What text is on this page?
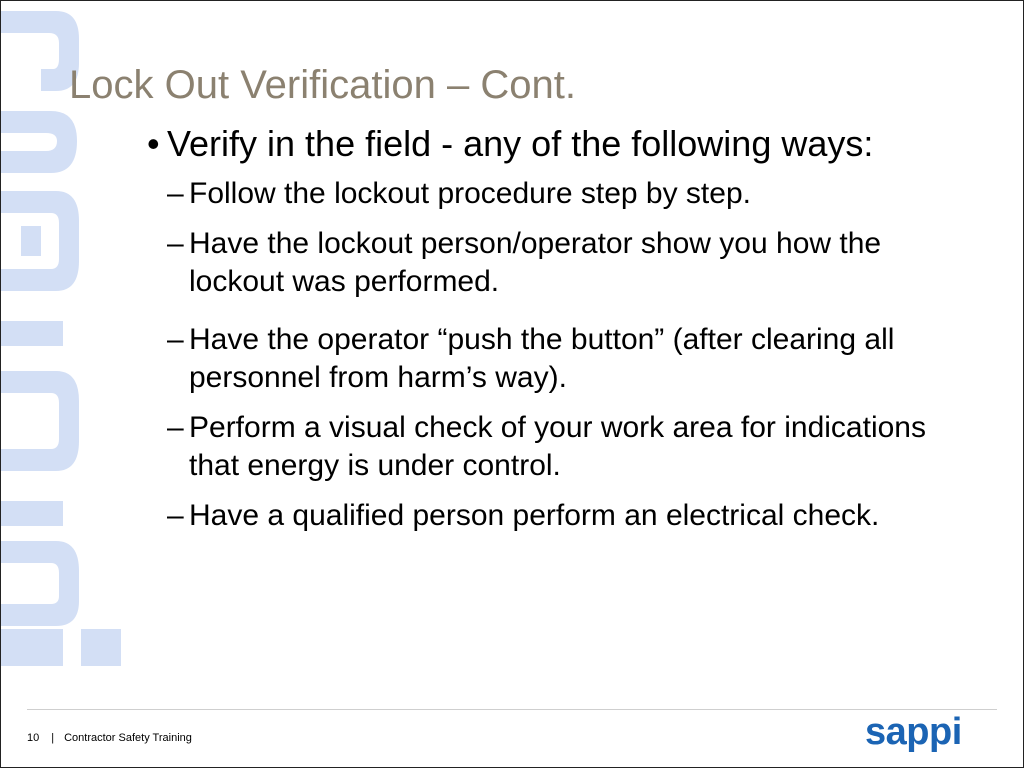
Lock Out Verification – Cont.

• Verify in the field - any of the following ways:

– Follow the lockout procedure step by step.
– Have the lockout person/operator show you how the lockout was performed.
– Have the operator “push the button” (after clearing all personnel from harm’s way).
– Perform a visual check of your work area for indications that energy is under control.
– Have a qualified person perform an electrical check.
10 | Contractor Safety Training	sappi
